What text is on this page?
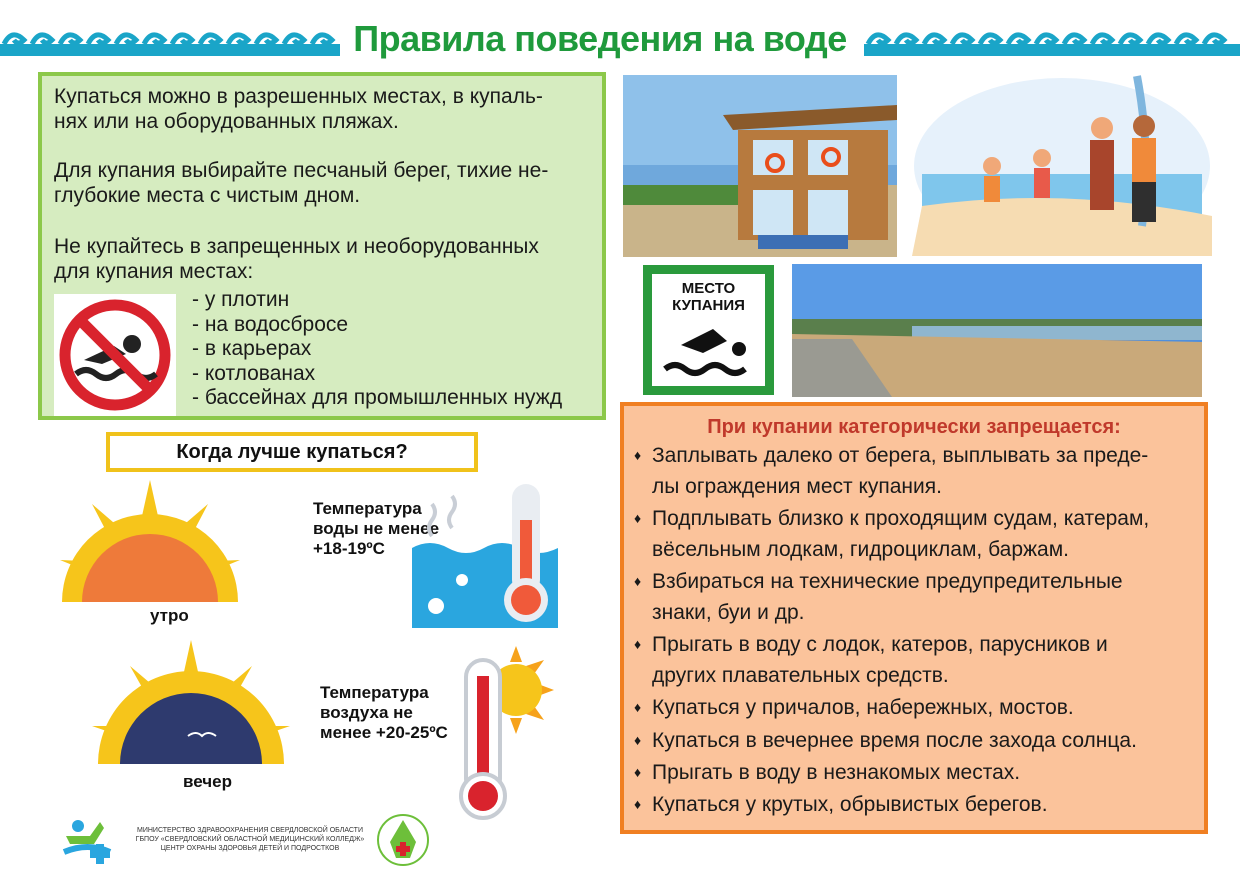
Правила поведения на воде
Купаться можно в разрешенных местах, в купаль-
нях или на оборудованных пляжах.
Для купания выбирайте песчаный берег, тихие не-
глубокие места с чистым дном.
Не купайтесь в запрещенных и необорудованных
для купания местах:
- у плотин
- на водосбросе
- в карьерах
- котлованах
- бассейнах для промышленных нужд
МЕСТО
КУПАНИЯ
Когда лучше купаться?
утро
вечер
Температура
воды не менее
+18-19ºС
Температура
воздуха не
менее +20-25ºС
При купании категорически запрещается:
♦ Заплывать далеко от берега, выплывать за преде-
лы ограждения мест купания.
♦ Подплывать близко к проходящим судам, катерам,
вёсельным лодкам, гидроциклам, баржам.
♦ Взбираться на технические предупредительные
знаки, буи и др.
♦ Прыгать в воду с лодок, катеров, парусников и
других плавательных средств.
♦ Купаться у причалов, набережных, мостов.
♦ Купаться в вечернее время после захода солнца.
♦ Прыгать в воду в незнакомых местах.
♦ Купаться у крутых, обрывистых берегов.
МИНИСТЕРСТВО ЗДРАВООХРАНЕНИЯ СВЕРДЛОВСКОЙ ОБЛАСТИ
ГБПОУ «СВЕРДЛОВСКИЙ ОБЛАСТНОЙ МЕДИЦИНСКИЙ КОЛЛЕДЖ»
ЦЕНТР ОХРАНЫ ЗДОРОВЬЯ ДЕТЕЙ И ПОДРОСТКОВ
